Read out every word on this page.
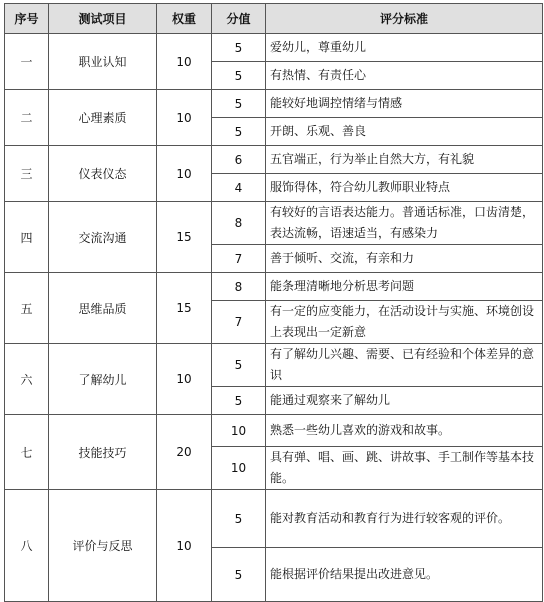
序号	测试项目	权重	分值	评分标准
一	职业认知	10	5	爱幼儿，尊重幼儿
			5	有热情、有责任心
二	心理素质	10	5	能较好地调控情绪与情感
			5	开朗、乐观、善良
三	仪表仪态	10	6	五官端正，行为举止自然大方，有礼貌
			4	服饰得体，符合幼儿教师职业特点
四	交流沟通	15	8	有较好的言语表达能力。普通话标准，口齿清楚，表达流畅，语速适当，有感染力
			7	善于倾听、交流，有亲和力
五	思维品质	15	8	能条理清晰地分析思考问题
			7	有一定的应变能力，在活动设计与实施、环境创设上表现出一定新意
六	了解幼儿	10	5	有了解幼儿兴趣、需要、已有经验和个体差异的意识
			5	能通过观察来了解幼儿
七	技能技巧	20	10	熟悉一些幼儿喜欢的游戏和故事。
			10	具有弹、唱、画、跳、讲故事、手工制作等基本技能。
八	评价与反思	10	5	能对教育活动和教育行为进行较客观的评价。
			5	能根据评价结果提出改进意见。
